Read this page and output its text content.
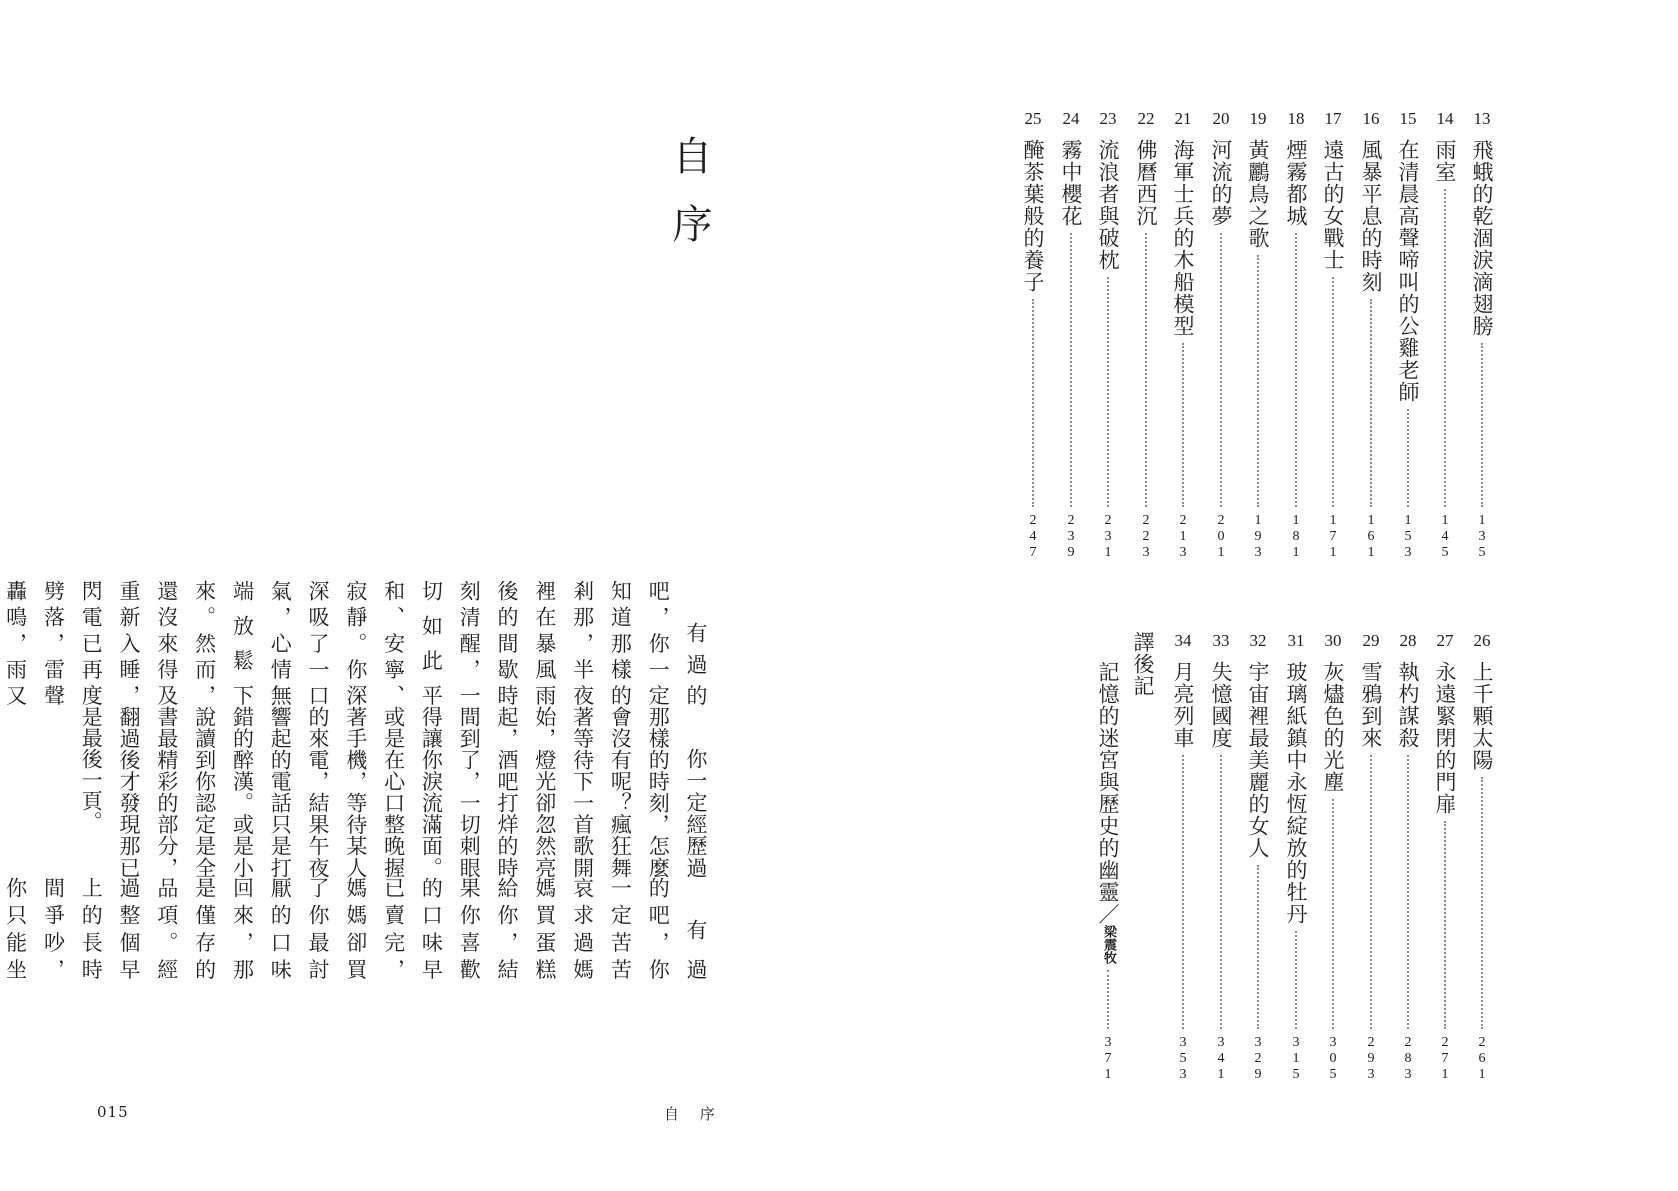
自序

有過的吧，你一定知道那樣的剎那，半夜裡在暴風雨後的間歇時刻清醒，一切如此平和、安寧、寂靜。你深深吸了一口氣，心情無端放鬆下來。然而，還沒來得及重新入睡，閃電已再度劈落，雷聲轟鳴，雨又

你一定經歷過那樣的時刻，怎麼會沒有呢？瘋狂舞著等待下一首歌開始，燈光卻忽然亮起，酒吧打烊的時間到了，一切刺眼得讓你淚流滿面。或是在心口整晚握著手機，等待某人的來電，結果午夜響起的電話只是打錯的醉漢。或是小說讀到你認定是全書最精彩的部分，翻過後才發現那已是最後一頁。

有過的吧，你一定苦苦哀求過媽媽買蛋糕給你，結果你喜歡的口味早已賣完，媽媽卻買了你最討厭的口味回來，那是僅存的品項。經過整個早上的長時間爭吵，你只能坐

015	自 序
13
飛蛾的乾涸淚滴翅膀
1
3
5
14
雨室
1
4
5
15
在清晨高聲啼叫的公雞老師
1
5
3
16
風暴平息的時刻
1
6
1
17
遠古的女戰士
1
7
1
18
煙霧都城
1
8
1
19
黃鸝鳥之歌
1
9
3
20
河流的夢
2
0
1
21
海軍士兵的木船模型
2
1
3
22
佛曆西沉
2
2
3
23
流浪者與破枕
2
3
1
24
霧中櫻花
2
3
9
25
醃茶葉般的養子
2
4
7
26
上千顆太陽
2
6
1
27
永遠緊閉的門扉
2
7
1
28
執杓謀殺
2
8
3
29
雪鴉到來
2
9
3
30
灰燼色的光塵
3
0
5
31
玻璃紙鎮中永恆綻放的牡丹
3
1
5
32
宇宙裡最美麗的女人
3
2
9
33
失憶國度
3
4
1
34
月亮列車
3
5
3
譯後記
記憶的迷宮與歷史的幽靈／梁震牧
3
7
1
